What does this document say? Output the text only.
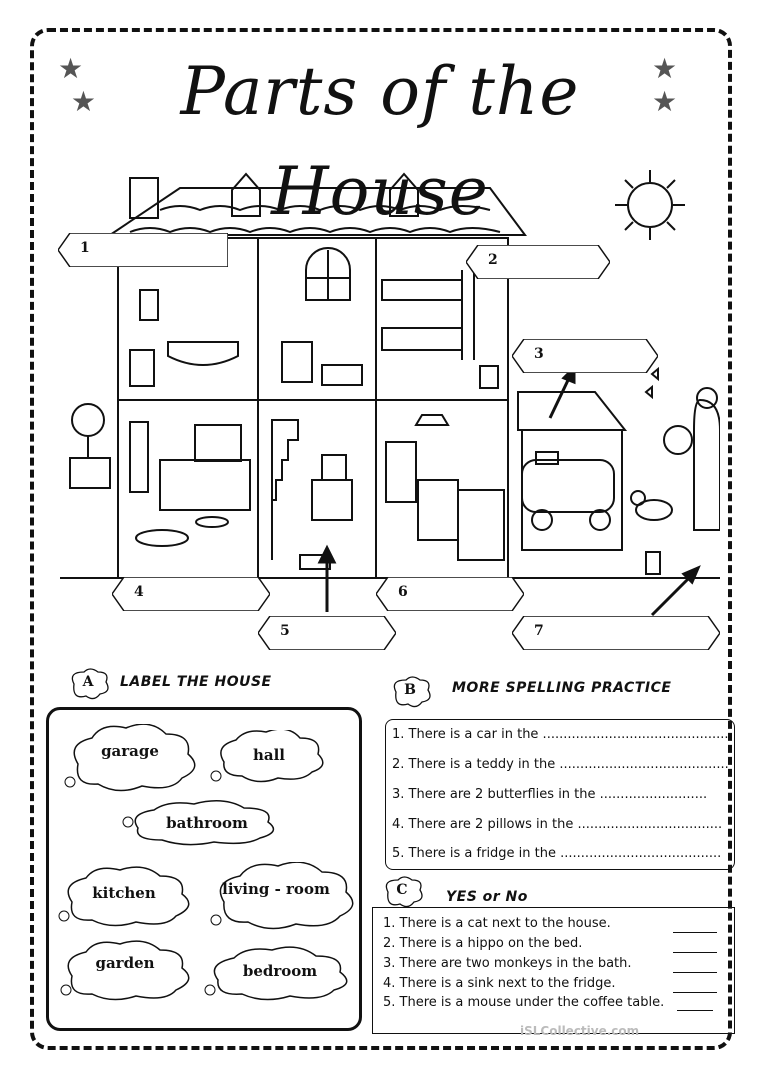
★
★
★
★
Parts of the House
1
2
3
4
5
6
7
A	LABEL THE HOUSE
garage	hall
bathroom
kitchen	living - room
garden	bedroom
B	MORE SPELLING PRACTICE
1. There is a car in the ..............................................
2. There is a teddy in the .........................................
3. There are 2 butterflies in the ..........................
4. There are 2 pillows in the ...................................
5. There is a fridge in the .......................................
C	YES or No
1. There is a cat next to the house.
2. There is a hippo on the bed.
3. There are two monkeys in the bath.
4. There is a sink next to the fridge.
5. There is a mouse under the coffee table.
iSLCollective.com
